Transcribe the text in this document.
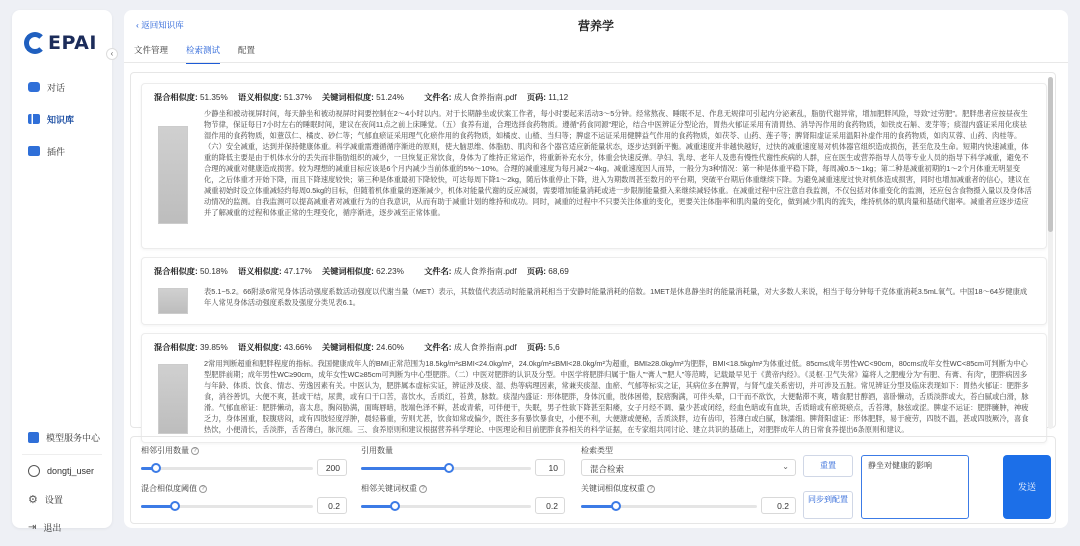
EPAI
对话
知识库
插件
模型服务中心
dongtj_user
⚙ 设置
⇥ 退出
‹
‹ 返回知识库	营养学
文件管理 检索测试 配置
混合相似度: 51.35% 语义相似度: 51.37% 关键词相似度: 51.24% 文件名: 成人食养指南.pdf 页码: 11,12
少静坐和被动视屏时间，每天静坐和被动视屏时间要控制在2～4小时以内。对于长期静坐或伏案工作者，每小时要起来活动3～5分钟。经常熬夜、睡眠不足、作息无规律可引起内分泌紊乱，脂肪代谢异常，增加肥胖风险，导致“过劳肥”。肥胖患者应按昼夜生物节律，保证每日7小时左右的睡眠时间，建议在夜间11点之前上床睡觉。（五）食养有道，合理选择食药物质。遵循“药食同源”理论，结合中医辨证分型论治，胃热火郁证采用有清胃热、消导泻作用的食药物质，如铁皮石斛、麦芽等；痰湿内盛证采用化痰祛湿作用的食药物质，如薏苡仁、橘皮、砂仁等；气郁血瘀证采用理气化瘀作用的食药物质，如橘皮、山楂、当归等；脾虚不运证采用健脾益气作用的食药物质，如茯苓、山药、莲子等；脾肾阳虚证采用温阳补虚作用的食药物质，如肉苁蓉、山药、肉桂等。（六）安全减重，达到并保持健康体重。科学减重需遵循循序渐进的原则，使大脑思维、体脂肪、肌肉和各个器官适应新能量状态，逐步达到新平衡。减重速度并非越快越好，过快的减重速度易对机体器官组织造成损伤，甚至危及生命。短期内快速减重，体重的降低主要是由于机体水分的丢失而非脂肪组织的减少，一旦恢复正常饮食，身体为了维持正常运作，将重新补充水分，体重会快速反弹。孕妇、乳母、老年人及患有慢性代谢性疾病的人群，应在医生或营养指导人员等专业人员的指导下科学减重，避免不合理的减重对健康造成损害。较为理想的减重目标应该是6个月内减少当前体重的5%～10%。合理的减重速度为每月减2～4kg。减重速度因人而异，一般分为3种情况：第一种是体重平稳下降，每周减0.5～1kg；第二种是减重初期的1～2个月体重无明显变化，之后体重才开始下降，而且下降速度较快；第三种是体重最初下降较快，可达每周下降1～2kg，随后体重停止下降，进入为期数周甚至数月的平台期，突破平台期后体重继续下降。为避免减重速度过快对机体造成损害，同时也增加减重者的信心，建议在减重初始时设立体重减轻约每周0.5kg的目标，但随着机体重量的逐渐减少，机体对能量代谢的反应减弱，需要增加能量消耗或进一步限制能量摄入来继续减轻体重。在减重过程中应注意自我监测，不仅包括对体重变化的监测，还应包含食物摄入量以及身体活动情况的监测。自我监测可以提高减重者对减重行为的自我意识，从而有助于减重计划的维持和成功。同时，减重的过程中不只要关注体重的变化，更要关注体脂率和肌肉量的变化，做到减少肌肉的流失，维持机体的肌肉量和基础代谢率。减重者应逐步适应并了解减重的过程和体重正常的生理变化，循序渐进，逐步减至正常体重。
混合相似度: 50.18% 语义相似度: 47.17% 关键词相似度: 62.23% 文件名: 成人食养指南.pdf 页码: 68,69
表5.1~5.2。66附录6常见身体活动强度系数活动强度以代谢当量（MET）表示，其数值代表活动时能量消耗相当于安静时能量消耗的倍数。1MET是休息静坐时的能量消耗量，对大多数人来说，相当于每分钟每千克体重消耗3.5mL氧气。中国18～64岁健康成年人常见身体活动强度系数及强度分类见表6.1。
混合相似度: 39.85% 语义相似度: 43.66% 关键词相似度: 24.60% 文件名: 成人食养指南.pdf 页码: 5,6
2常用判断超重和肥胖程度的指标。我国健康成年人的BMI正常范围为18.5kg/m²≤BMI<24.0kg/m²，24.0kg/m²≤BMI<28.0kg/m²为超重，BMI≥28.0kg/m²为肥胖，BMI<18.5kg/m²为体重过低。85cm≤成年男性WC<90cm，80cm≤成年女性WC<85cm可判断为中心型肥胖前期；成年男性WC≥90cm，成年女性WC≥85cm可判断为中心型肥胖。（二）中医对肥胖的认识及分型。中医学将肥胖归属于“脂人”“膏人”“肥人”等范畴，记载最早见于《黄帝内经》。《灵枢·卫气失常》篇将人之肥瘦分为“有肥、有膏、有肉”，肥胖病因多与年龄、体质、饮食、情志、劳逸因素有关。中医认为，肥胖属本虚标实证，辨证涉及痰、湿、热等病理因素，常兼夹痰湿、血瘀、气郁等标实之证，其病位多在脾胃，与肾气虚关系密切，并可涉及五脏。常见辨证分型及临床表现如下：胃热火郁证：肥胖多食，消谷善饥，大便不爽，甚或干结，尿黄，或有口干口苦，喜饮水，舌质红，苔黄，脉数。痰湿内盛证：形体肥胖，身体沉重，肢体困倦，脘痞胸满，可伴头晕，口干而不欲饮，大便黏滞不爽，嗜食肥甘醇酒，喜卧懒动，舌质淡胖或大，苔白腻或白滑，脉滑。气郁血瘀证：肥胖懒动，喜太息，胸闷胁满，面晦唇暗，肢端色泽不鲜，甚或青紫，可伴便干，失眠，男子性欲下降甚至阳痿，女子月经不调、量少甚或闭经，经血色暗或有血块，舌质暗或有瘀斑瘀点，舌苔薄，脉弦或涩。脾虚不运证：肥胖臃肿，神疲乏力，身体困重，脘腹痞闷，或有四肢轻度浮肿，晨轻暮重，劳则尤甚，饮食如常或偏少，既往多有暴饮暴食史，小便不利，大便溏或便秘，舌质淡胖，边有齿印，苔薄白或白腻，脉濡细。脾肾阳虚证：形体肥胖，易于疲劳，四肢不温，甚或四肢厥冷，喜食热饮，小便清长，舌淡胖，舌苔薄白，脉沉细。三、食养原则和建议根据营养科学理论、中医理论和目前肥胖食养相关的科学证据，在专家组共同讨论、建立共识的基础上，对肥胖成年人的日常食养提出6条原则和建议。
相邻引用数量 ?
200
引用数量
10
检索类型
混合检索	⌄
混合相似度阈值 ?
0.2
相邻关键词权重 ?
0.2
关键词相似度权重 ?
0.2
重置
同步到配置
静坐对健康的影响
发送
